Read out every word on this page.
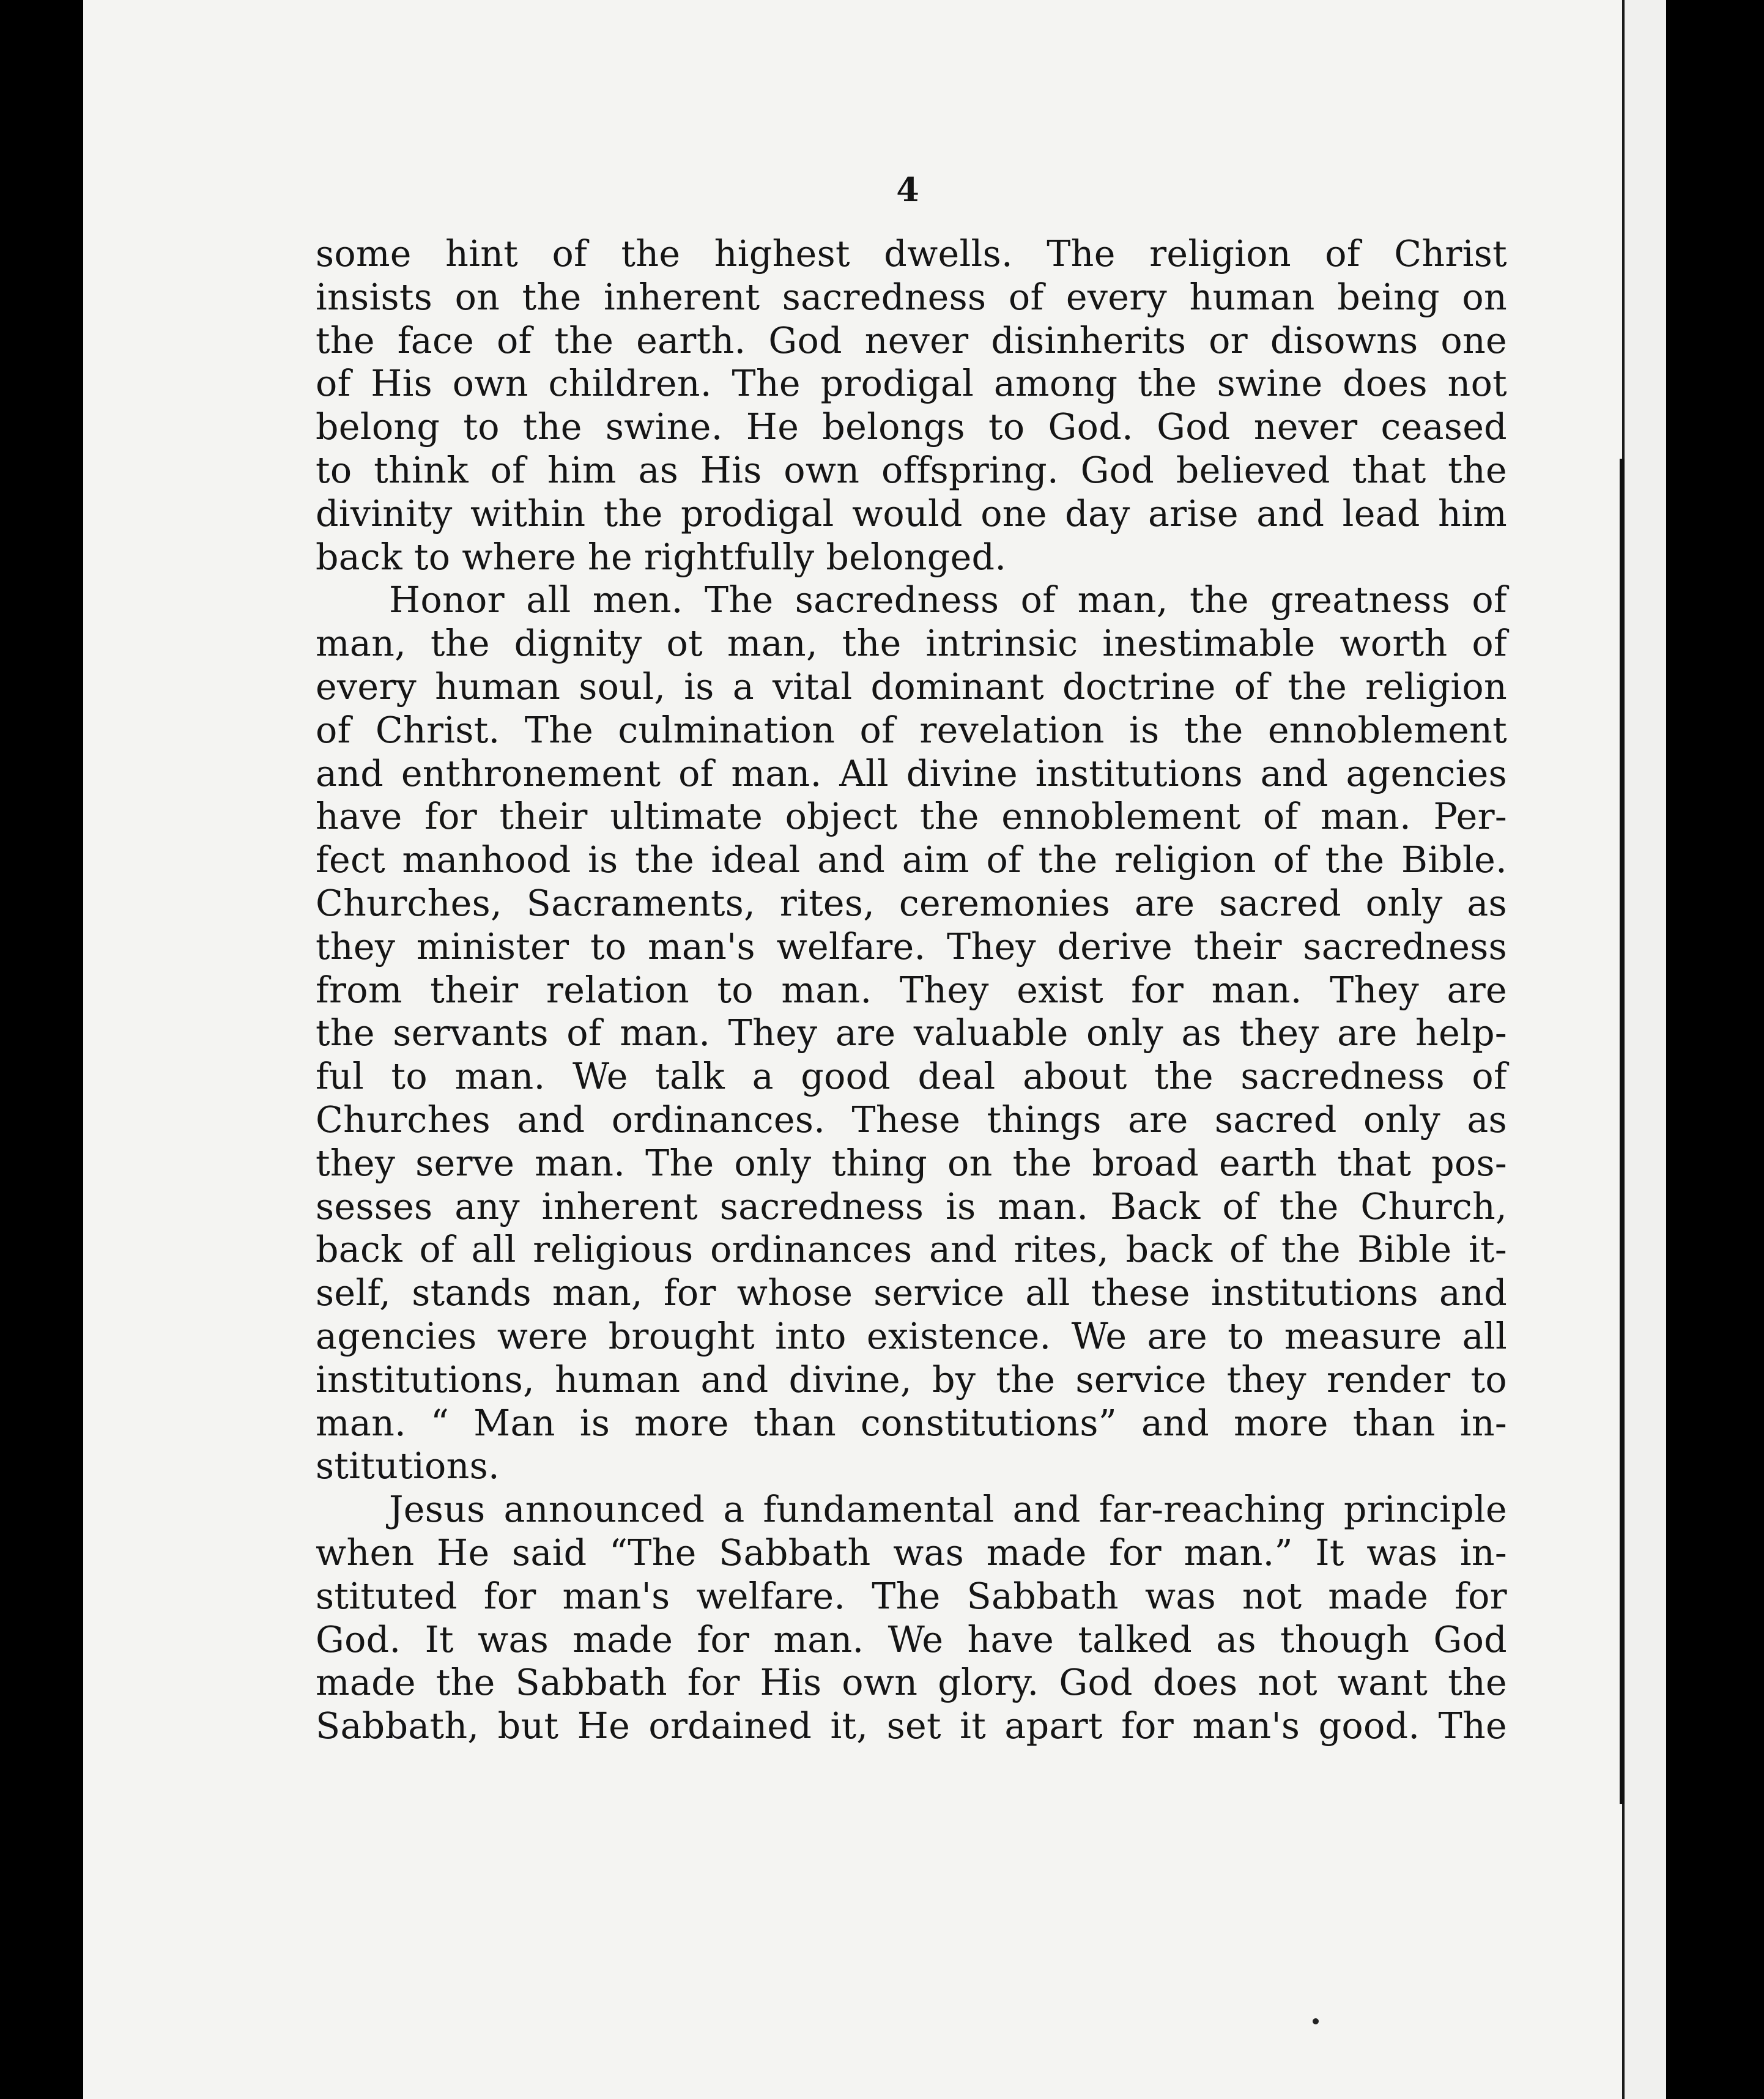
4
some hint of the highest dwells. The religion of Christ
insists on the inherent sacredness of every human being on
the face of the earth. God never disinherits or disowns one
of His own children. The prodigal among the swine does not
belong to the swine. He belongs to God. God never ceased
to think of him as His own offspring. God believed that the
divinity within the prodigal would one day arise and lead him
back to where he rightfully belonged.
Honor all men. The sacredness of man, the greatness of
man, the dignity ot man, the intrinsic inestimable worth of
every human soul, is a vital dominant doctrine of the religion
of Christ. The culmination of revelation is the ennoblement
and enthronement of man. All divine institutions and agencies
have for their ultimate object the ennoblement of man. Per-
fect manhood is the ideal and aim of the religion of the Bible.
Churches, Sacraments, rites, ceremonies are sacred only as
they minister to man's welfare. They derive their sacredness
from their relation to man. They exist for man. They are
the servants of man. They are valuable only as they are help-
ful to man. We talk a good deal about the sacredness of
Churches and ordinances. These things are sacred only as
they serve man. The only thing on the broad earth that pos-
sesses any inherent sacredness is man. Back of the Church,
back of all religious ordinances and rites, back of the Bible it-
self, stands man, for whose service all these institutions and
agencies were brought into existence. We are to measure all
institutions, human and divine, by the service they render to
man. “ Man is more than constitutions” and more than in-
stitutions.
Jesus announced a fundamental and far-reaching principle
when He said “The Sabbath was made for man.” It was in-
stituted for man's welfare. The Sabbath was not made for
God. It was made for man. We have talked as though God
made the Sabbath for His own glory. God does not want the
Sabbath, but He ordained it, set it apart for man's good. The
